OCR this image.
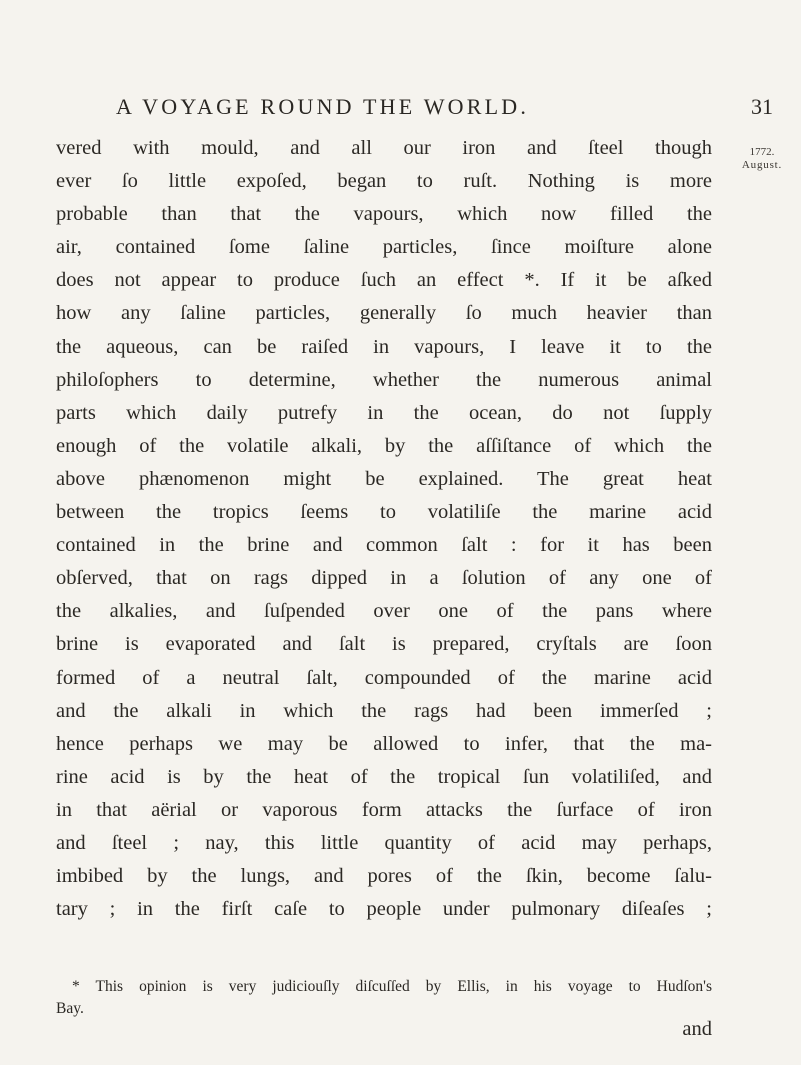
A VOYAGE ROUND THE WORLD.	31
1772.
August.
vered with mould, and all our iron and ſteel though
ever ſo little expoſed, began to ruſt. Nothing is more
probable than that the vapours, which now filled the
air, contained ſome ſaline particles, ſince moiſture alone
does not appear to produce ſuch an effect *. If it be aſked
how any ſaline particles, generally ſo much heavier than
the aqueous, can be raiſed in vapours, I leave it to the
philoſophers to determine, whether the numerous animal
parts which daily putrefy in the ocean, do not ſupply
enough of the volatile alkali, by the aſſiſtance of which the
above phænomenon might be explained. The great heat
between the tropics ſeems to volatiliſe the marine acid
contained in the brine and common ſalt : for it has been
obſerved, that on rags dipped in a ſolution of any one of
the alkalies, and ſuſpended over one of the pans where
brine is evaporated and ſalt is prepared, cryſtals are ſoon
formed of a neutral ſalt, compounded of the marine acid
and the alkali in which the rags had been immerſed ;
hence perhaps we may be allowed to infer, that the ma-
rine acid is by the heat of the tropical ſun volatiliſed, and
in that aërial or vaporous form attacks the ſurface of iron
and ſteel ; nay, this little quantity of acid may perhaps,
imbibed by the lungs, and pores of the ſkin, become ſalu-
tary ; in the firſt caſe to people under pulmonary diſeaſes ;
* This opinion is very judiciouſly diſcuſſed by Ellis, in his voyage to Hudſon's
Bay.
and
